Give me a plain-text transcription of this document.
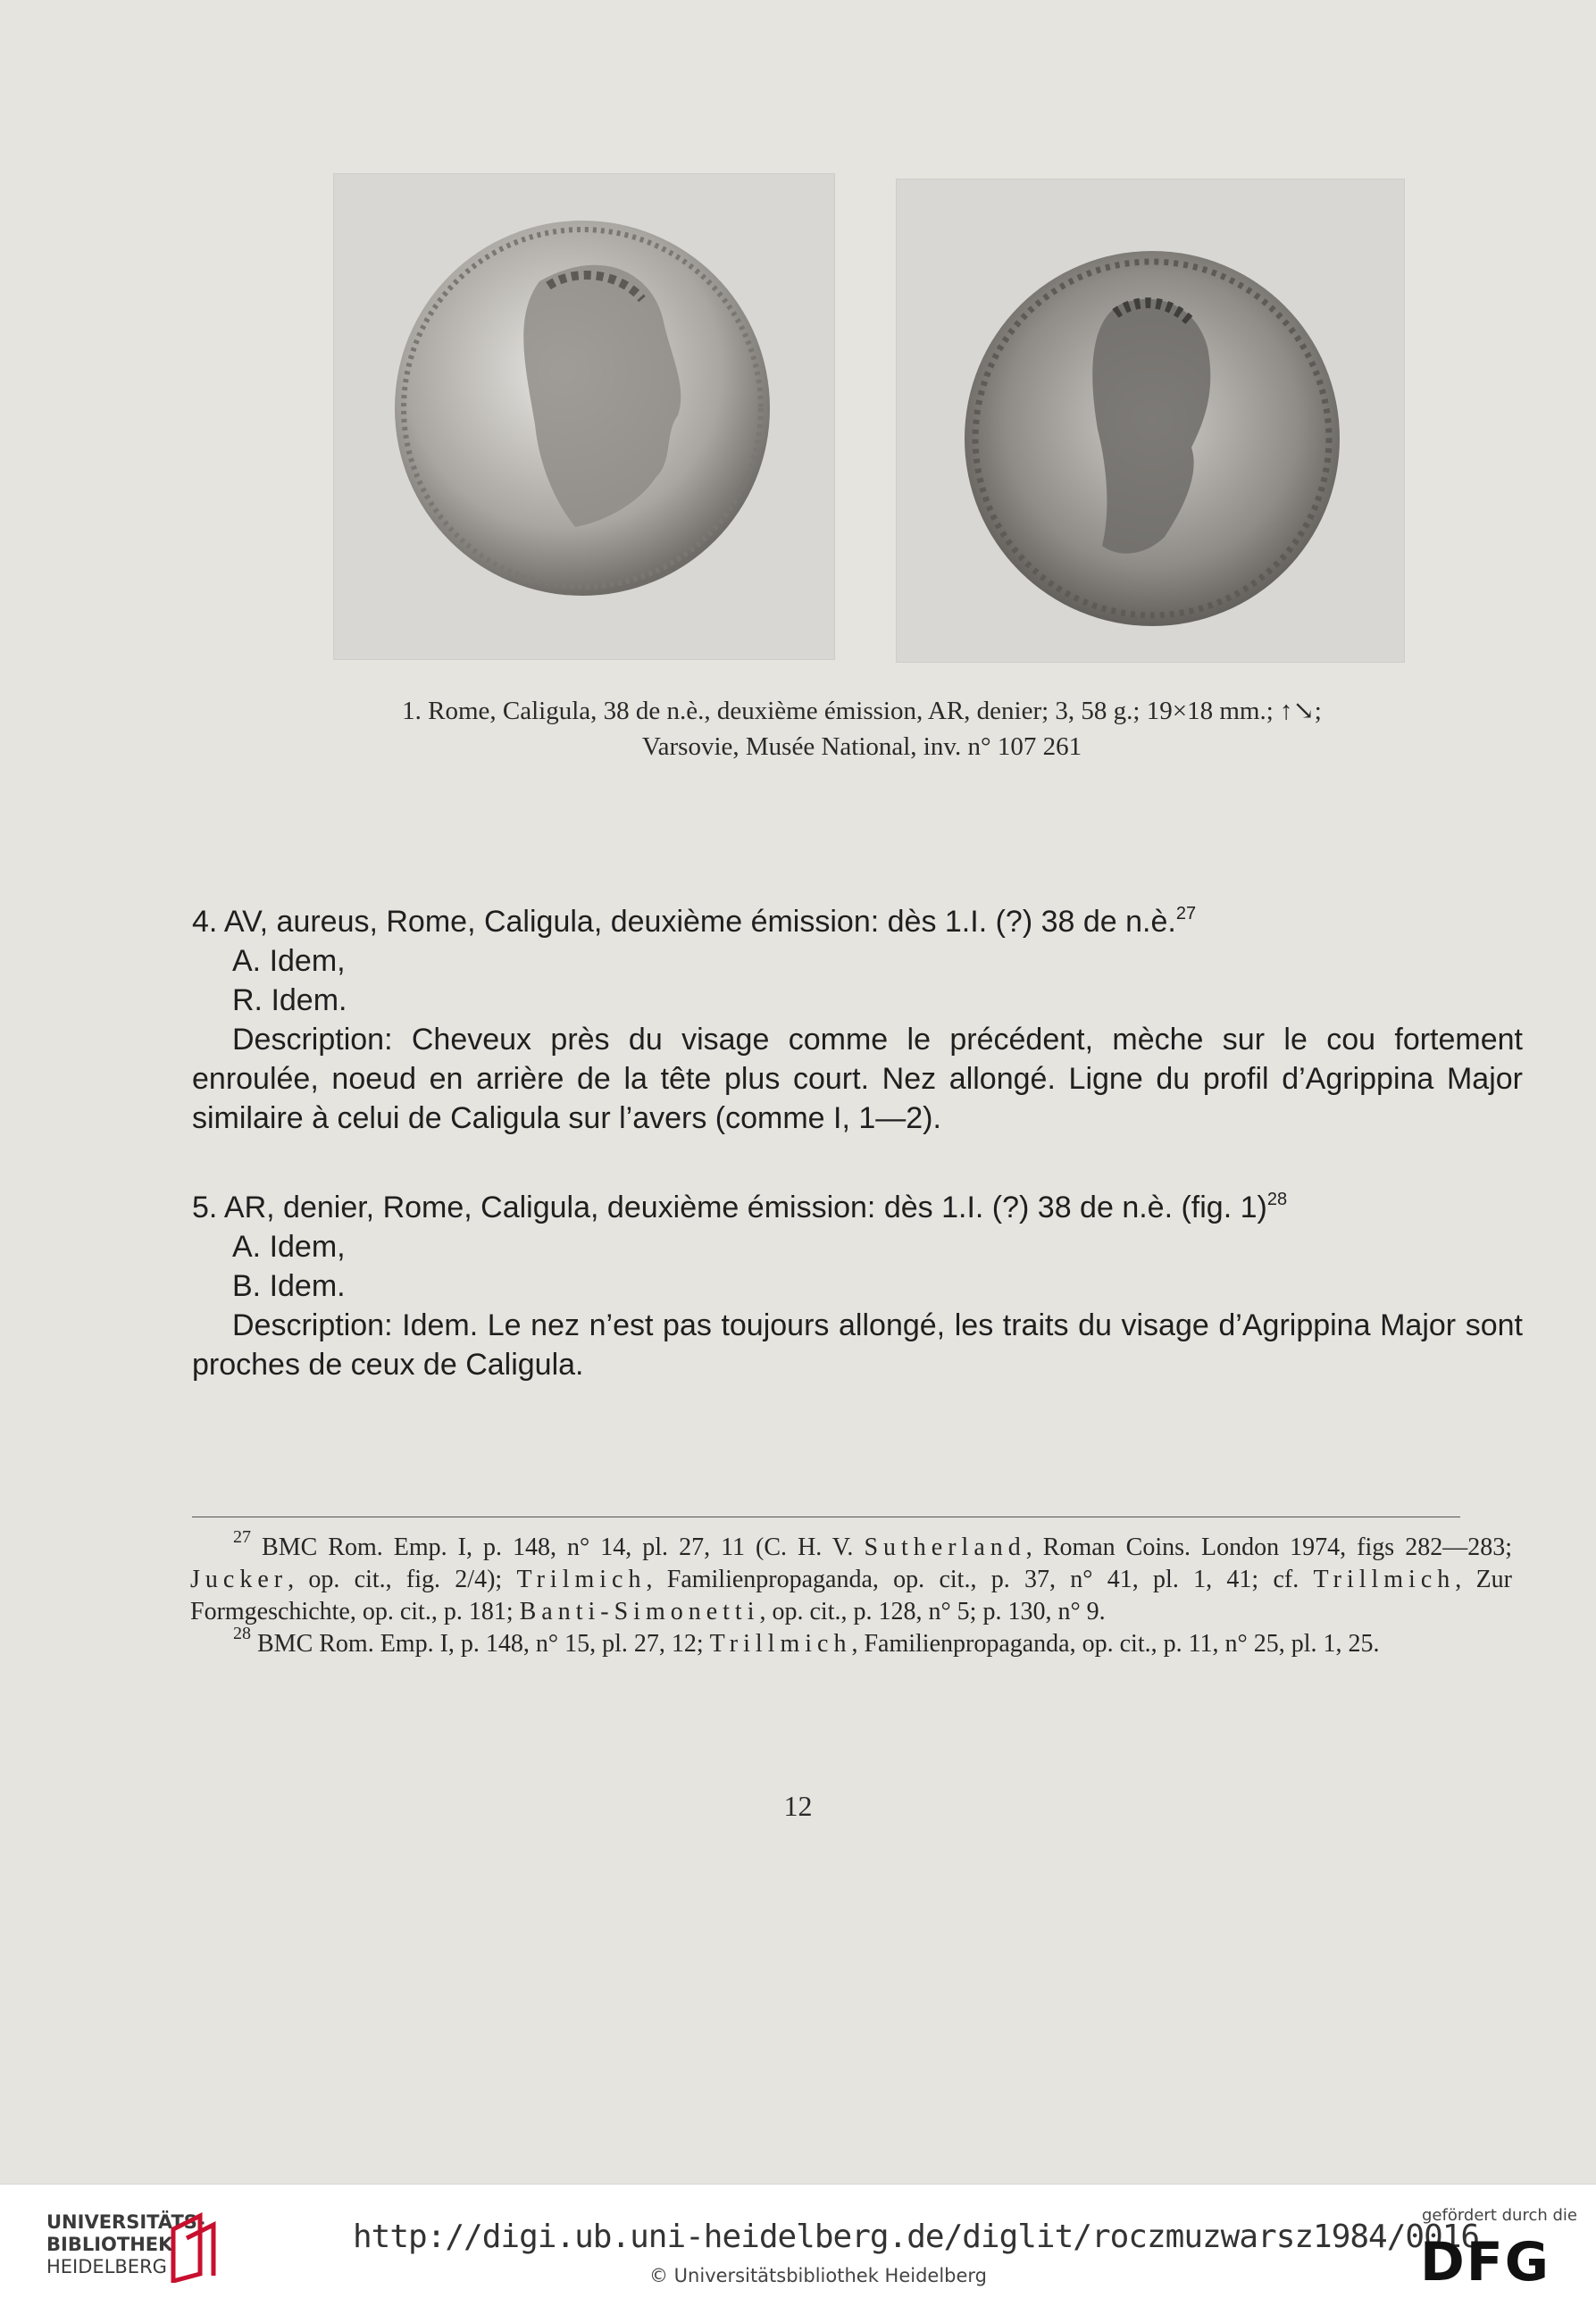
1. Rome, Caligula, 38 de n.è., deuxième émission, AR, denier; 3, 58 g.; 19×18 mm.; ↑↘;
Varsovie, Musée National, inv. n° 107 261
4. AV, aureus, Rome, Caligula, deuxième émission: dès 1.I. (?) 38 de n.è.$^{27}$
A. Idem,
R. Idem.
Description: Cheveux près du visage comme le précédent, mèche sur le cou fortement enroulée, noeud en arrière de la tête plus court. Nez allongé. Ligne du profil d’Agrippina Major similaire à celui de Caligula sur l’avers (comme I, 1—2).
5. AR, denier, Rome, Caligula, deuxième émission: dès 1.I. (?) 38 de n.è. (fig. 1)$^{28}$
A. Idem,
B. Idem.
Description: Idem. Le nez n’est pas toujours allongé, les traits du visage d’Agrippina Major sont proches de ceux de Caligula.
$^{27}$ BMC Rom. Emp. I, p. 148, n° 14, pl. 27, 11 (C. H. V. Sutherland, Roman Coins. London 1974, figs 282—283; Jucker, op. cit., fig. 2/4); Trilmich, Familienpropaganda, op. cit., p. 37, n° 41, pl. 1, 41; cf. Trillmich, Zur Formgeschichte, op. cit., p. 181; Banti-Simonetti, op. cit., p. 128, n° 5; p. 130, n° 9.
$^{28}$ BMC Rom. Emp. I, p. 148, n° 15, pl. 27, 12; Trillmich, Familienpropaganda, op. cit., p. 11, n° 25, pl. 1, 25.
12
UNIVERSITÄTS-
BIBLIOTHEK
HEIDELBERG
http://digi.ub.uni-heidelberg.de/diglit/roczmuzwarsz1984/0016
© Universitätsbibliothek Heidelberg
gefördert durch die
DFG
